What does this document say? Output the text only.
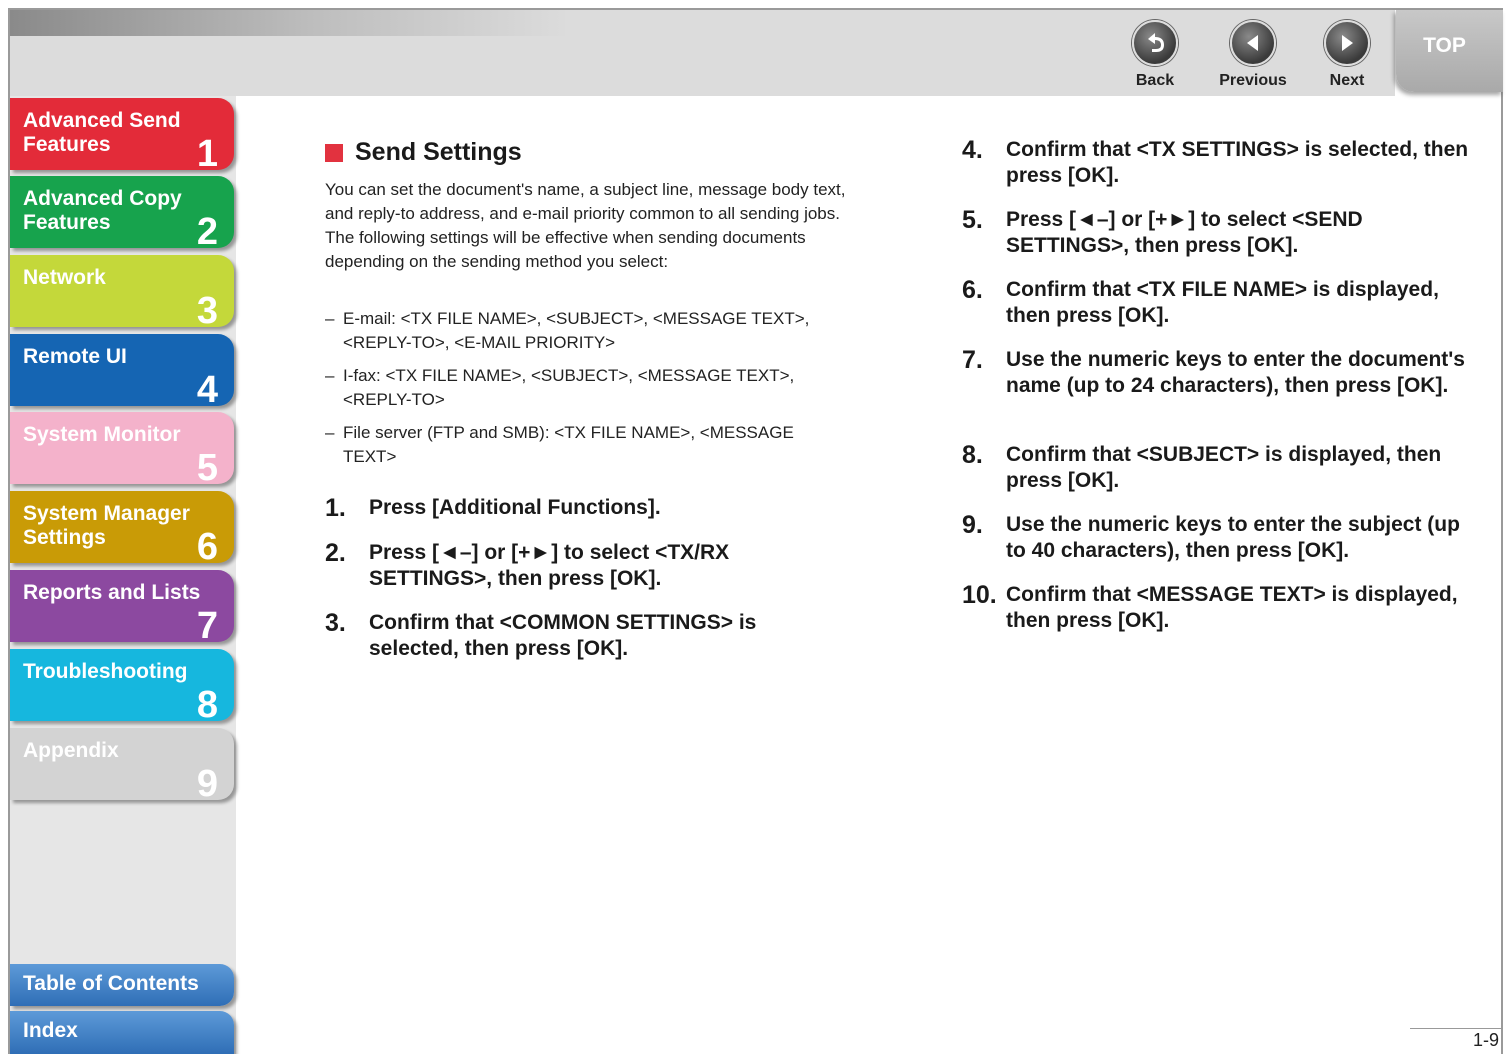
Back	Previous	Next
TOP
Advanced Send Features 1
Advanced Copy Features 2
Network
3
Remote UI
4
System Monitor
5
System Manager Settings 6
Reports and Lists
7
Troubleshooting
8
Appendix
9
Table of Contents
Index
Send Settings

You can set the document's name, a subject line, message body text, and reply-to address, and e-mail priority common to all sending jobs. The following settings will be effective when sending documents depending on the sending method you select:

– E-mail: <TX FILE NAME>, <SUBJECT>, <MESSAGE TEXT>, <REPLY-TO>, <E-MAIL PRIORITY>
– I-fax: <TX FILE NAME>, <SUBJECT>, <MESSAGE TEXT>, <REPLY-TO>
– File server (FTP and SMB): <TX FILE NAME>, <MESSAGE TEXT>
1.	Press [Additional Functions].
2.	Press [◄–] or [+►] to select <TX/RX SETTINGS>, then press [OK].
3.	Confirm that <COMMON SETTINGS> is selected, then press [OK].
4.	Confirm that <TX SETTINGS> is selected, then press [OK].
5.	Press [◄–] or [+►] to select <SEND SETTINGS>, then press [OK].
6.	Confirm that <TX FILE NAME> is displayed, then press [OK].
7.	Use the numeric keys to enter the document's name (up to 24 characters), then press [OK].
8.	Confirm that <SUBJECT> is displayed, then press [OK].
9.	Use the numeric keys to enter the subject (up to 40 characters), then press [OK].
10. Confirm that <MESSAGE TEXT> is displayed, then press [OK].
1-9
